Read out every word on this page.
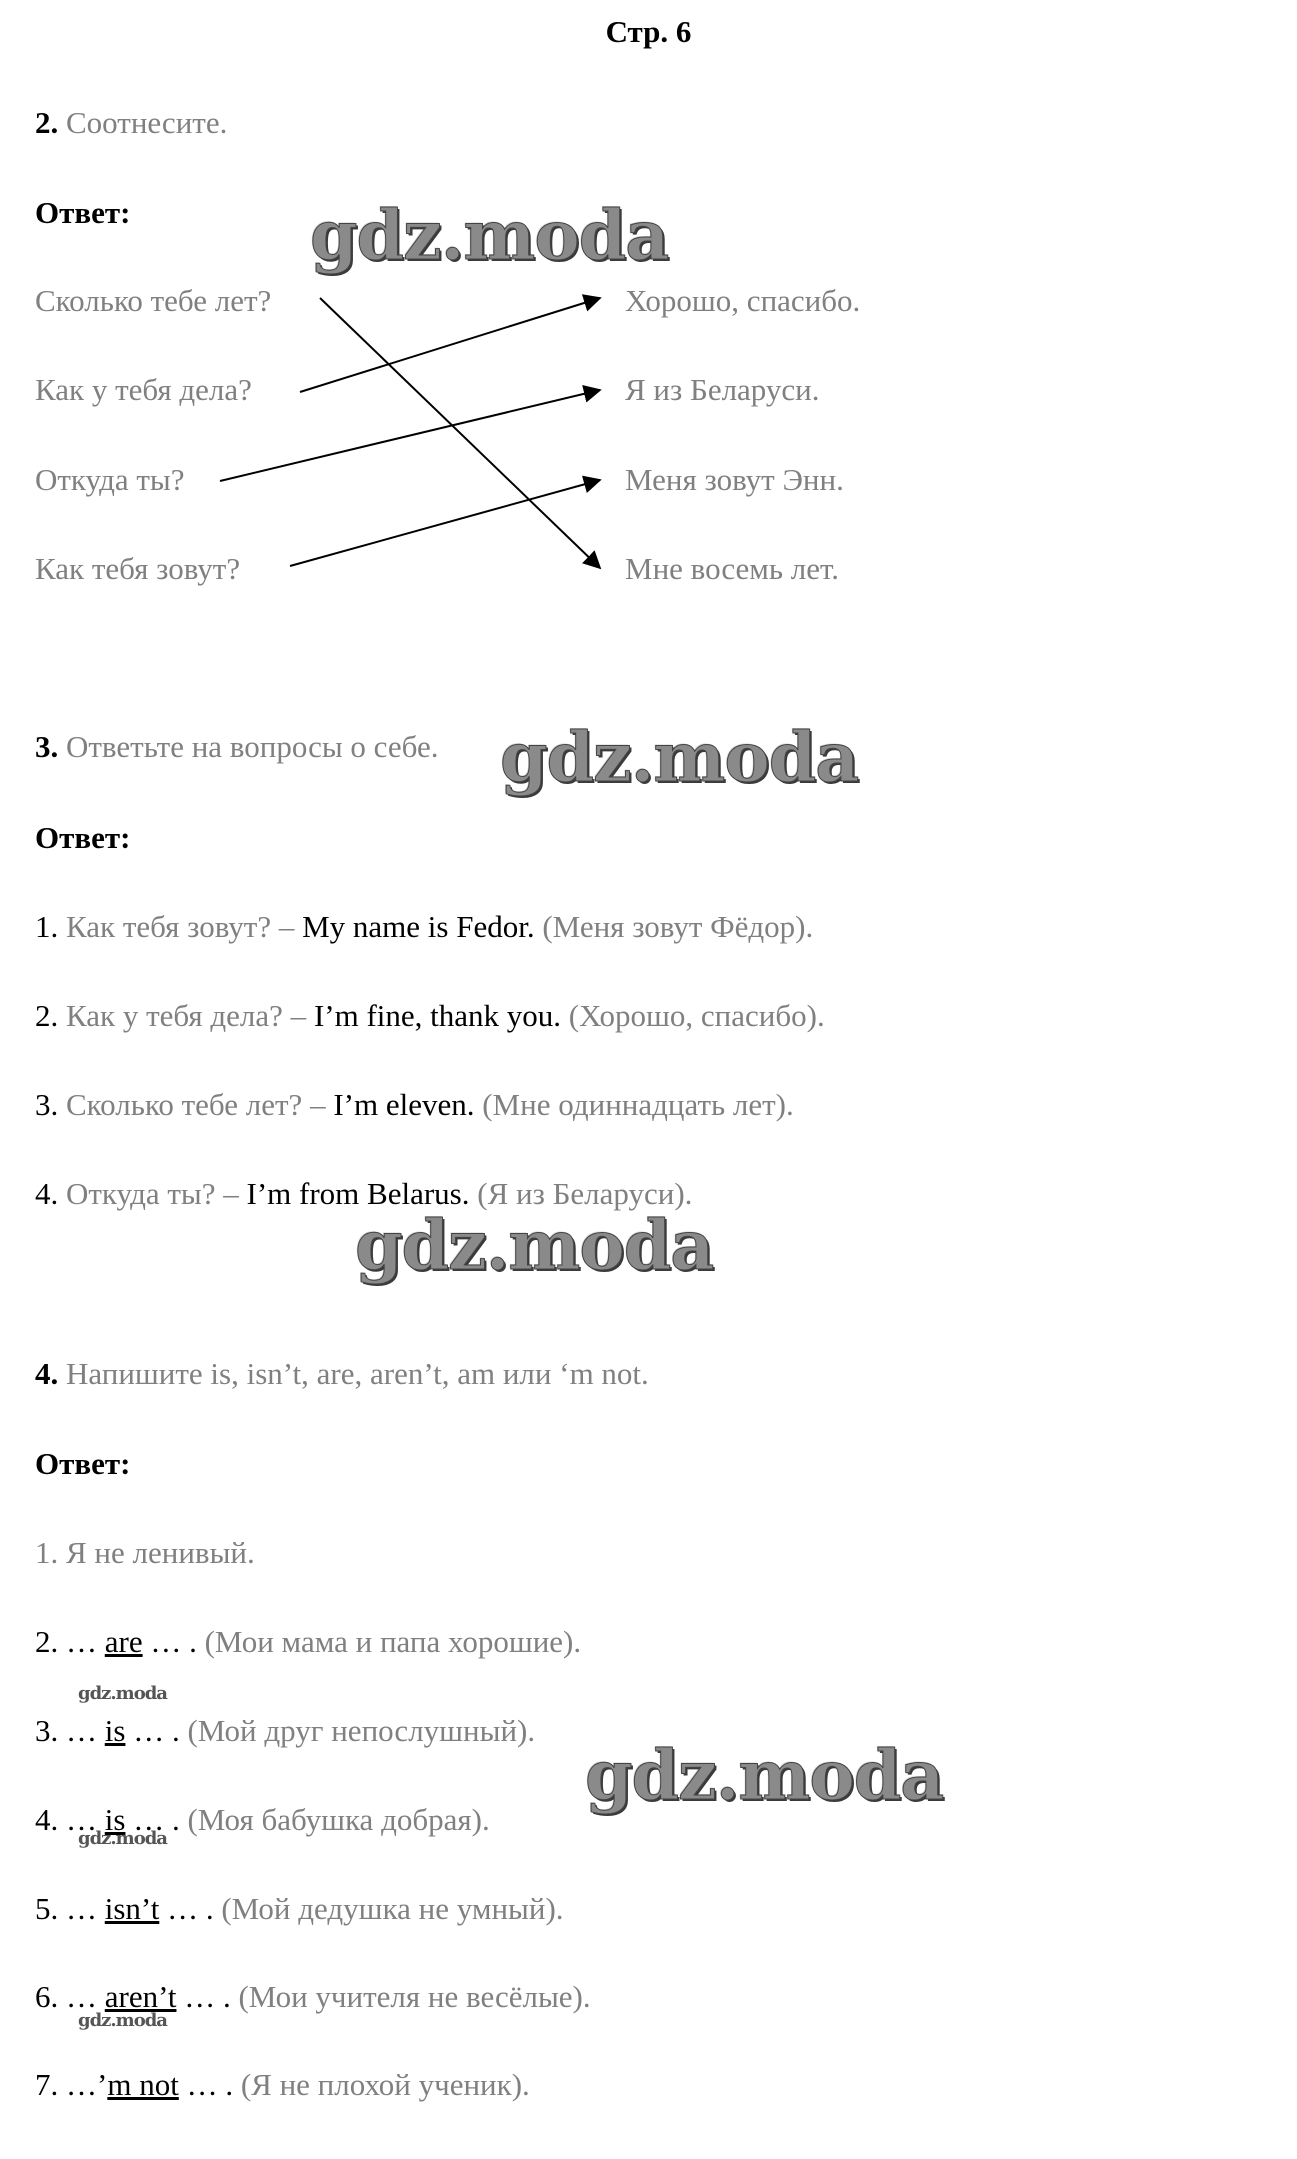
Стр. 6
2. Соотнесите.
Ответ:	gdz.moda
Сколько тебе лет?
Как у тебя дела?
Откуда ты?
Как тебя зовут?
Хорошо, спасибо.
Я из Беларуси.
Меня зовут Энн.
Мне восемь лет.
3. Ответьте на вопросы о себе. gdz.moda
Ответ:
1. Как тебя зовут? – My name is Fedor. (Меня зовут Фёдор).
2. Как у тебя дела? – I’m fine, thank you. (Хорошо, спасибо).
3. Сколько тебе лет? – I’m eleven. (Мне одиннадцать лет).
4. Откуда ты? – I’m from Belarus. (Я из Беларуси).
gdz.moda
4. Напишите is, isn’t, are, aren’t, am или ‘m not.
Ответ:
1. Я не ленивый.
2. … are … . (Мои мама и папа хорошие).
gdz.moda
3. … is … . (Мой друг непослушный).
4. … is … . (Моя бабушка добрая).
gdz.moda
gdz.moda
5. … isn’t … . (Мой дедушка не умный).
6. … aren’t … . (Мои учителя не весёлые).
gdz.moda
7. …’m not … . (Я не плохой ученик).
